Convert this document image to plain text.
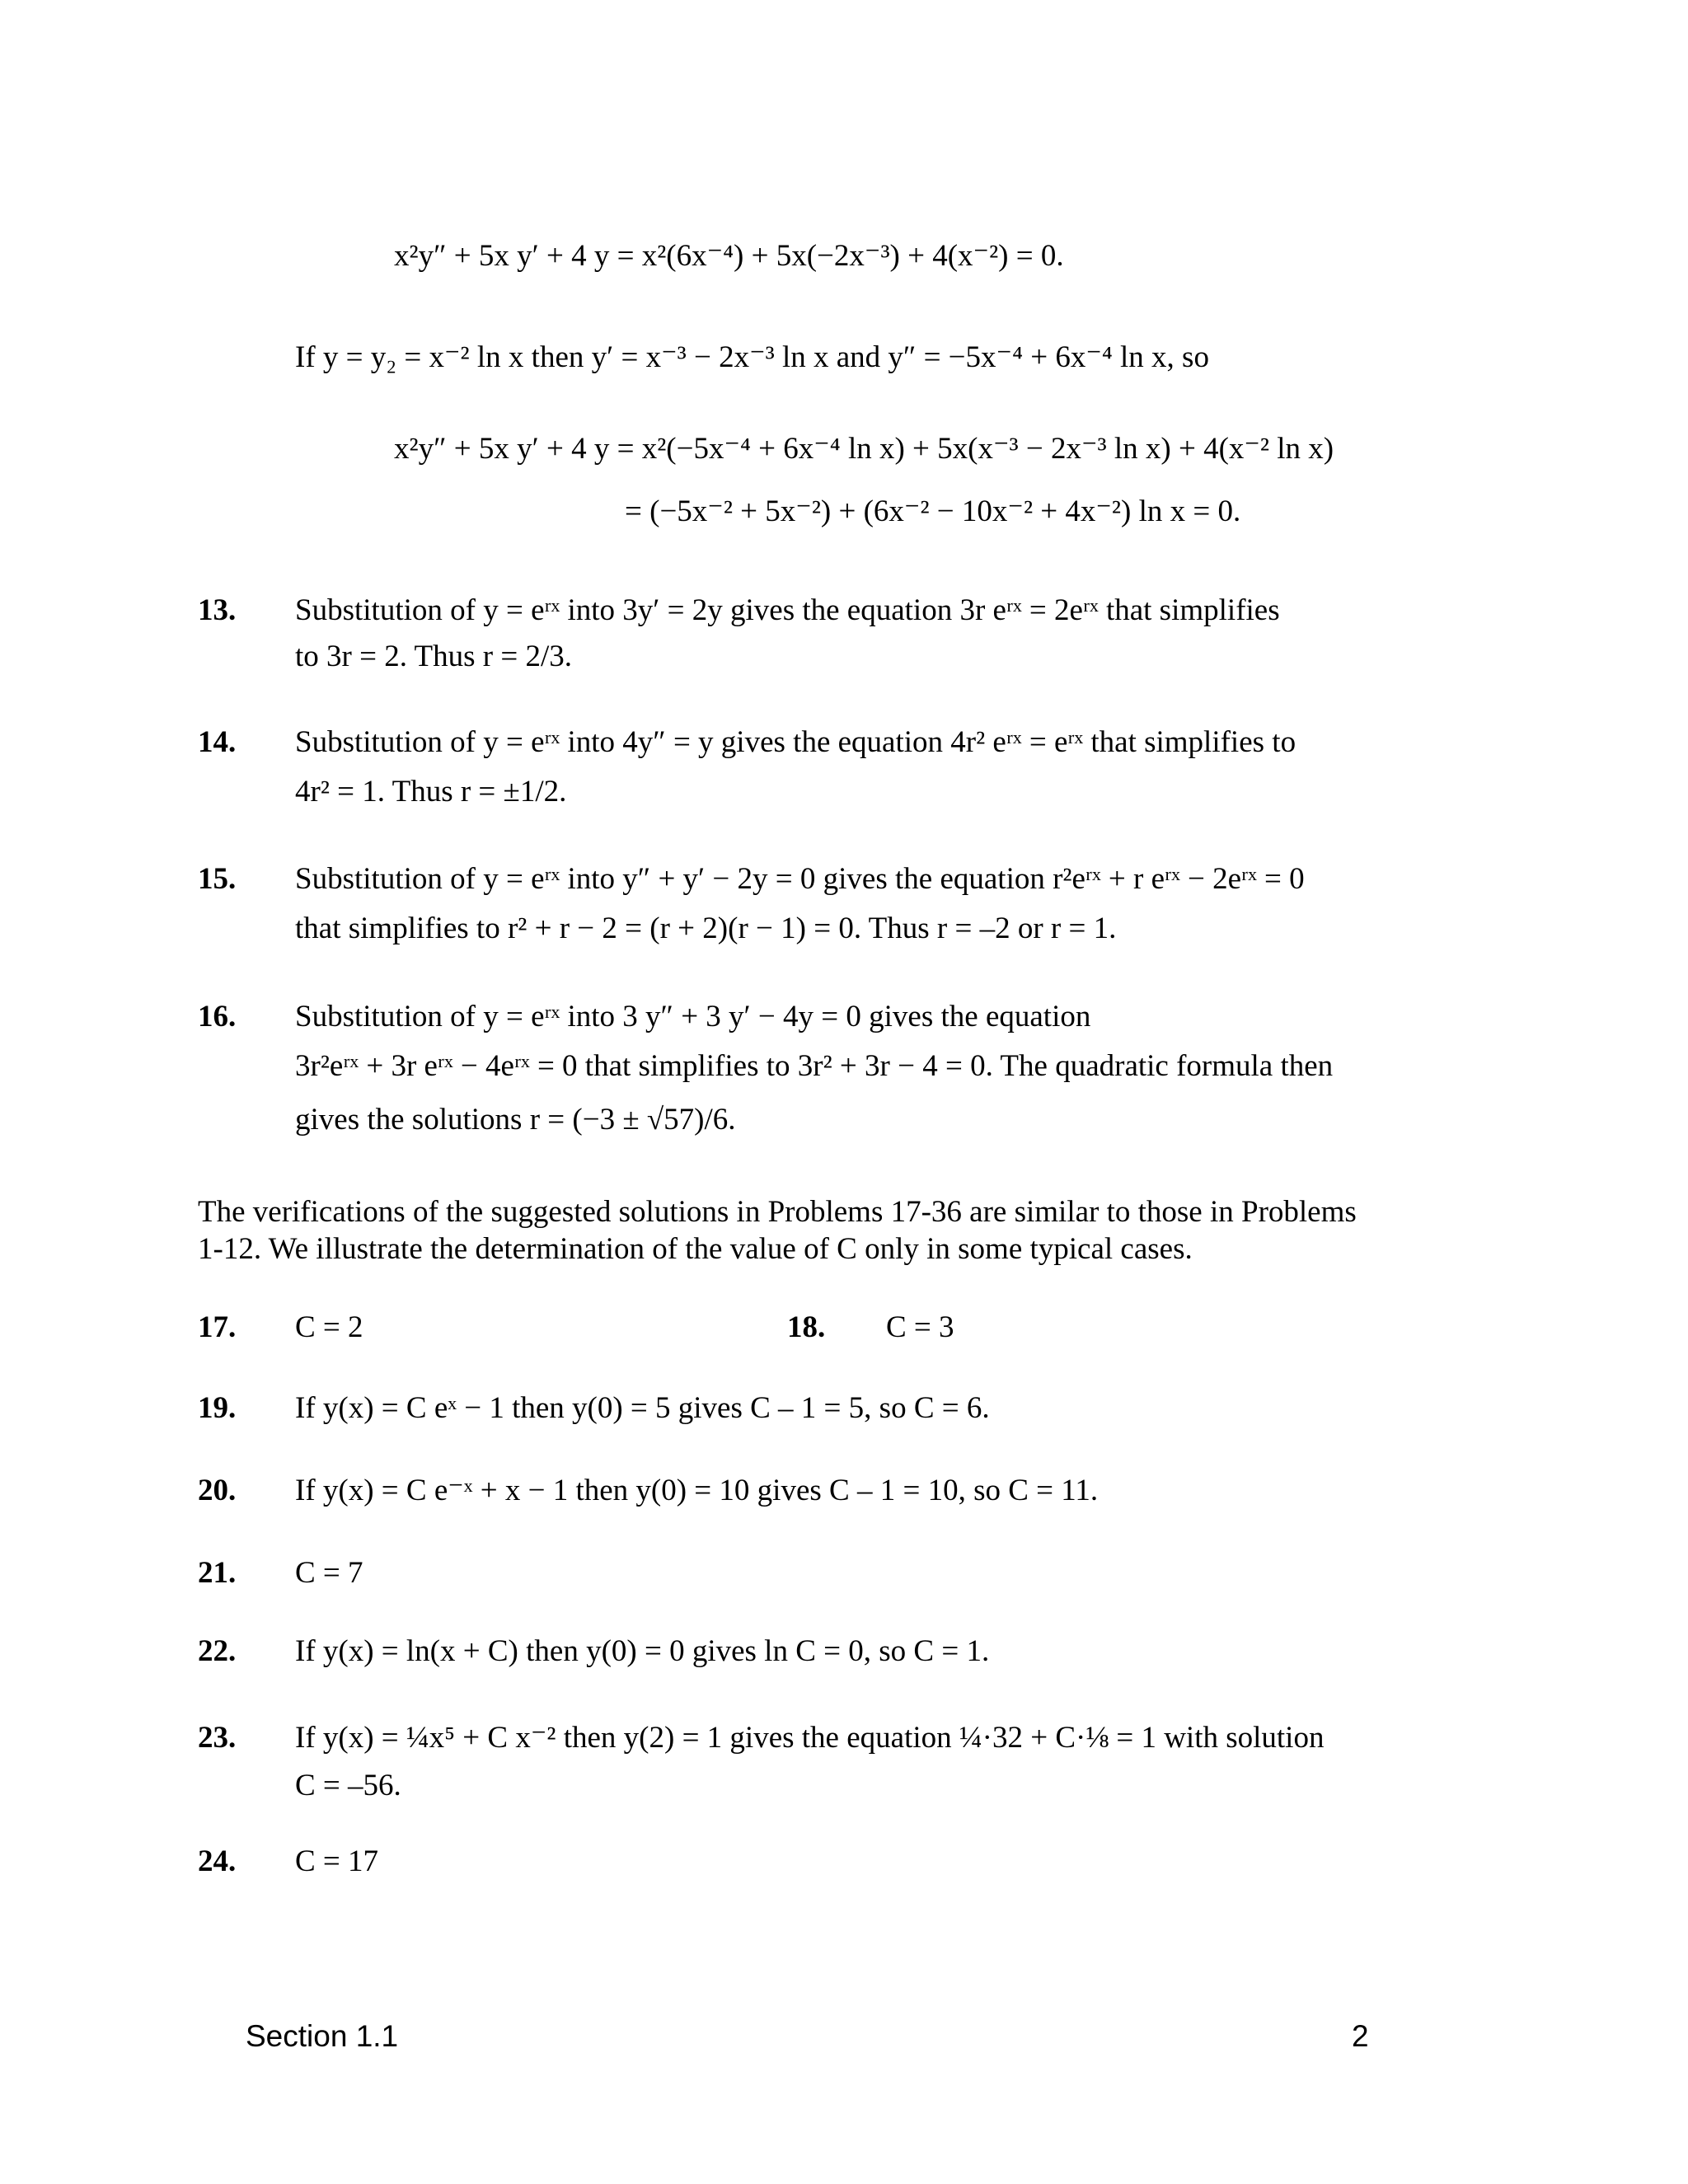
x²y″ + 5x y′ + 4 y = x²(6x⁻⁴) + 5x(−2x⁻³) + 4(x⁻²) = 0.
If y = y₂ = x⁻² ln x then y′ = x⁻³ − 2x⁻³ ln x and y″ = −5x⁻⁴ + 6x⁻⁴ ln x, so
x²y″ + 5x y′ + 4 y = x²(−5x⁻⁴ + 6x⁻⁴ ln x) + 5x(x⁻³ − 2x⁻³ ln x) + 4(x⁻² ln x)
= (−5x⁻² + 5x⁻²) + (6x⁻² − 10x⁻² + 4x⁻²) ln x = 0.
13. Substitution of y = eʳˣ into 3y′ = 2y gives the equation 3r eʳˣ = 2eʳˣ that simplifies
to 3r = 2. Thus r = 2/3.
14. Substitution of y = eʳˣ into 4y″ = y gives the equation 4r² eʳˣ = eʳˣ that simplifies to
4r² = 1. Thus r = ±1/2.
15. Substitution of y = eʳˣ into y″ + y′ − 2y = 0 gives the equation r²eʳˣ + r eʳˣ − 2eʳˣ = 0
that simplifies to r² + r − 2 = (r + 2)(r − 1) = 0. Thus r = –2 or r = 1.
16. Substitution of y = eʳˣ into 3 y″ + 3 y′ − 4y = 0 gives the equation
3r²eʳˣ + 3r eʳˣ − 4eʳˣ = 0 that simplifies to 3r² + 3r − 4 = 0. The quadratic formula then
gives the solutions r = (−3 ± √57)/6.
The verifications of the suggested solutions in Problems 17-36 are similar to those in Problems
1-12. We illustrate the determination of the value of C only in some typical cases.
17. C = 2	18. C = 3
19. If y(x) = C eˣ − 1 then y(0) = 5 gives C – 1 = 5, so C = 6.
20. If y(x) = C e⁻ˣ + x − 1 then y(0) = 10 gives C – 1 = 10, so C = 11.
21. C = 7
22. If y(x) = ln(x + C) then y(0) = 0 gives ln C = 0, so C = 1.
23. If y(x) = ¼x⁵ + C x⁻² then y(2) = 1 gives the equation ¼·32 + C·⅛ = 1 with solution
C = –56.
24. C = 17
Section 1.1	2
